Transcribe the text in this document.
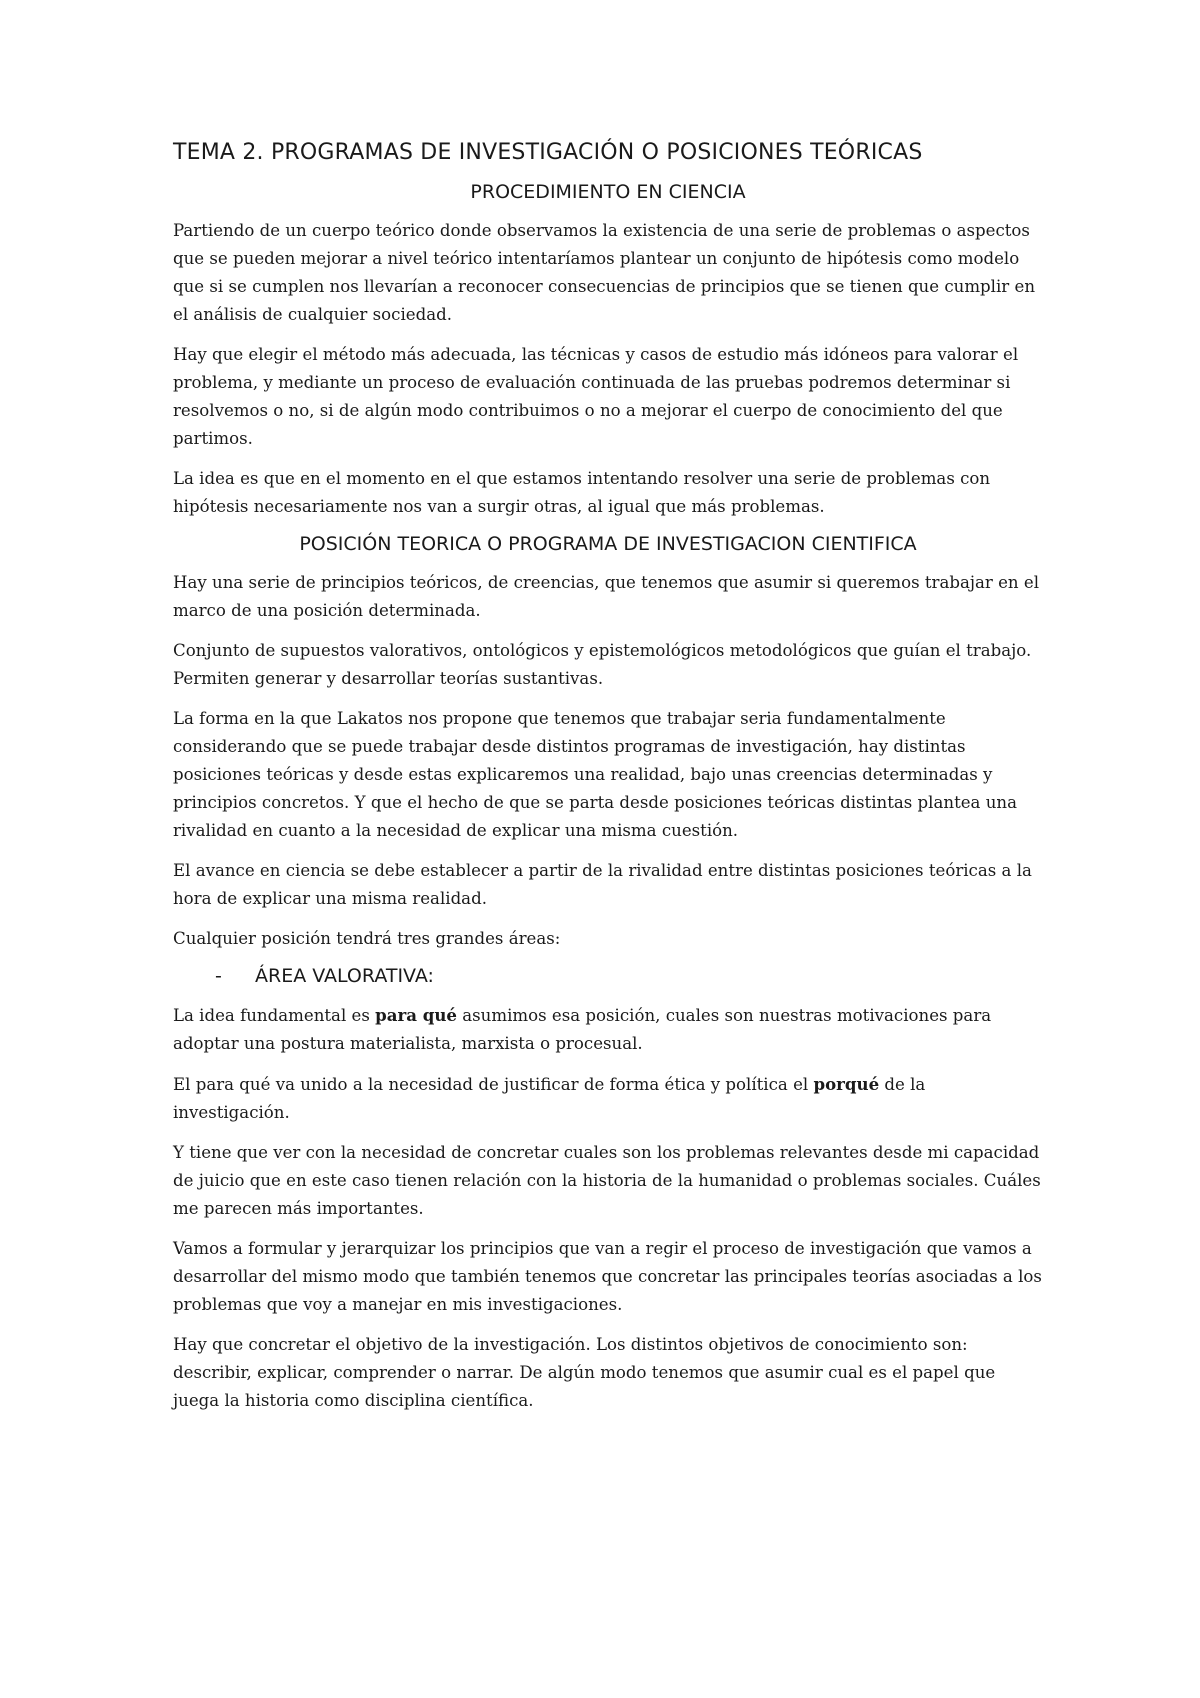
TEMA 2. PROGRAMAS DE INVESTIGACIÓN O POSICIONES TEÓRICAS
PROCEDIMIENTO EN CIENCIA

Partiendo de un cuerpo teórico donde observamos la existencia de una serie de problemas o aspectos que se pueden mejorar a nivel teórico intentaríamos plantear un conjunto de hipótesis como modelo que si se cumplen nos llevarían a reconocer consecuencias de principios que se tienen que cumplir en el análisis de cualquier sociedad.

Hay que elegir el método más adecuada, las técnicas y casos de estudio más idóneos para valorar el problema, y mediante un proceso de evaluación continuada de las pruebas podremos determinar si resolvemos o no, si de algún modo contribuimos o no a mejorar el cuerpo de conocimiento del que partimos.

La idea es que en el momento en el que estamos intentando resolver una serie de problemas con hipótesis necesariamente nos van a surgir otras, al igual que más problemas.

POSICIÓN TEORICA O PROGRAMA DE INVESTIGACION CIENTIFICA

Hay una serie de principios teóricos, de creencias, que tenemos que asumir si queremos trabajar en el marco de una posición determinada.

Conjunto de supuestos valorativos, ontológicos y epistemológicos metodológicos que guían el trabajo. Permiten generar y desarrollar teorías sustantivas.

La forma en la que Lakatos nos propone que tenemos que trabajar seria fundamentalmente considerando que se puede trabajar desde distintos programas de investigación, hay distintas posiciones teóricas y desde estas explicaremos una realidad, bajo unas creencias determinadas y principios concretos. Y que el hecho de que se parta desde posiciones teóricas distintas plantea una rivalidad en cuanto a la necesidad de explicar una misma cuestión.

El avance en ciencia se debe establecer a partir de la rivalidad entre distintas posiciones teóricas a la hora de explicar una misma realidad.

Cualquier posición tendrá tres grandes áreas:

-	ÁREA VALORATIVA:

La idea fundamental es para qué asumimos esa posición, cuales son nuestras motivaciones para adoptar una postura materialista, marxista o procesual.

El para qué va unido a la necesidad de justificar de forma ética y política el porqué de la investigación.

Y tiene que ver con la necesidad de concretar cuales son los problemas relevantes desde mi capacidad de juicio que en este caso tienen relación con la historia de la humanidad o problemas sociales. Cuáles me parecen más importantes.

Vamos a formular y jerarquizar los principios que van a regir el proceso de investigación que vamos a desarrollar del mismo modo que también tenemos que concretar las principales teorías asociadas a los problemas que voy a manejar en mis investigaciones.

Hay que concretar el objetivo de la investigación. Los distintos objetivos de conocimiento son: describir, explicar, comprender o narrar. De algún modo tenemos que asumir cual es el papel que juega la historia como disciplina científica.
